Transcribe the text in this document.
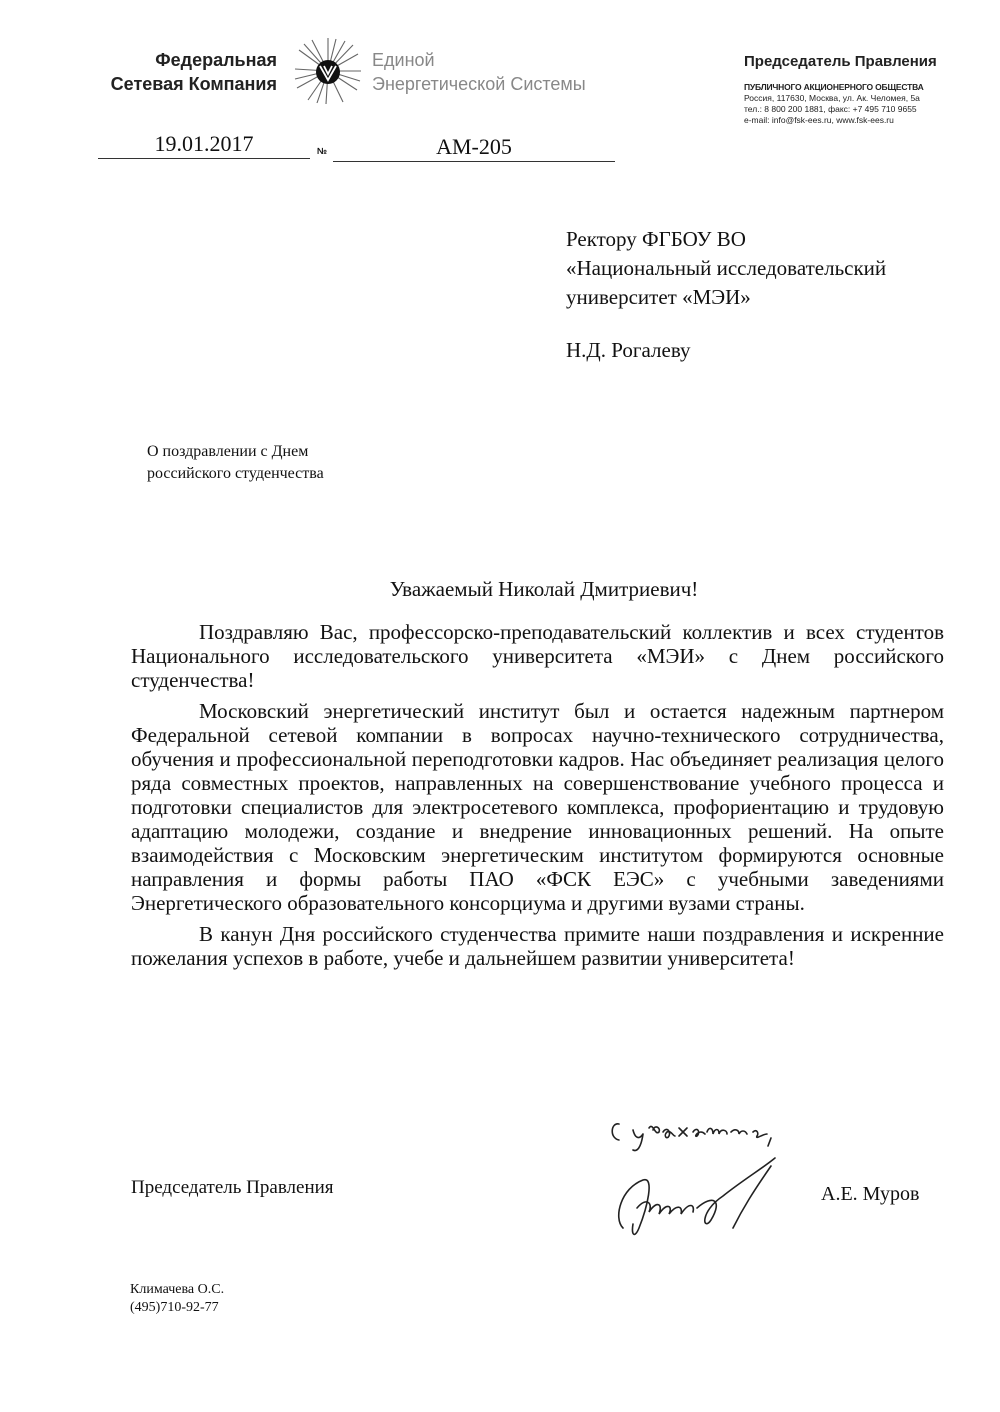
Федеральная
Сетевая Компания
Единой
Энергетической Системы
Председатель Правления
ПУБЛИЧНОГО АКЦИОНЕРНОГО ОБЩЕСТВА
Россия, 117630, Москва, ул. Ак. Челомея, 5а
тел.: 8 800 200 1881, факс: +7 495 710 9655
e-mail: info@fsk-ees.ru, www.fsk-ees.ru
19.01.2017	№	АМ-205
Ректору ФГБОУ ВО
«Национальный исследовательский
университет «МЭИ»
Н.Д. Рогалеву
О поздравлении с Днем
российского студенчества
Уважаемый Николай Дмитриевич!

Поздравляю Вас, профессорско-преподавательский коллектив и всех студентов Национального исследовательского университета «МЭИ» с Днем российского студенчества!

Московский энергетический институт был и остается надежным партнером Федеральной сетевой компании в вопросах научно-технического сотрудничества, обучения и профессиональной переподготовки кадров. Нас объединяет реализация целого ряда совместных проектов, направленных на совершенствование учебного процесса и подготовки специалистов для электросетевого комплекса, профориентацию и трудовую адаптацию молодежи, создание и внедрение инновационных решений. На опыте взаимодействия с Московским энергетическим институтом формируются основные направления и формы работы ПАО «ФСК ЕЭС» с учебными заведениями Энергетического образовательного консорциума и другими вузами страны.

В канун Дня российского студенчества примите наши поздравления и искренние пожелания успехов в работе, учебе и дальнейшем развитии университета!

Председатель Правления	А.Е. Муров
Климачева О.С.
(495)710-92-77
